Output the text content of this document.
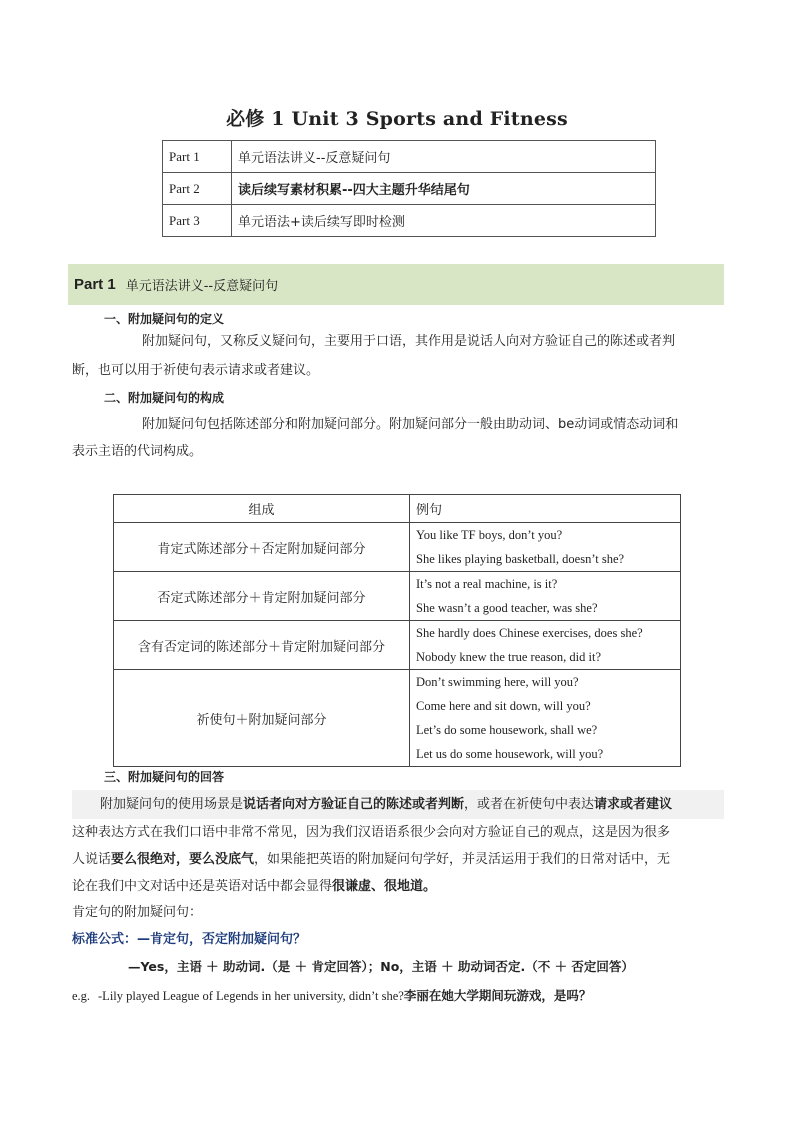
必修 1 Unit 3 Sports and Fitness
Part 1	单元语法讲义--反意疑问句
Part 2	读后续写素材积累--四大主题升华结尾句
Part 3	单元语法+读后续写即时检测
Part 1 单元语法讲义--反意疑问句
一、附加疑问句的定义
附加疑问句，又称反义疑问句，主要用于口语，其作用是说话人向对方验证自己的陈述或者判
断，也可以用于祈使句表示请求或者建议。
二、附加疑问句的构成
附加疑问句包括陈述部分和附加疑问部分。附加疑问部分一般由助动词、be动词或情态动词和
表示主语的代词构成。
组成	例句
肯定式陈述部分＋否定附加疑问部分	You like TF boys, don’t you?
She likes playing basketball, doesn’t she?

否定式陈述部分＋肯定附加疑问部分	It’s not a real machine, is it?
She wasn’t a good teacher, was she?

含有否定词的陈述部分＋肯定附加疑问部分	She hardly does Chinese exercises, does she?
Nobody knew the true reason, did it?

祈使句＋附加疑问部分	Don’t swimming here, will you?
Come here and sit down, will you?
Let’s do some housework, shall we?
Let us do some housework, will you?
三、附加疑问句的回答
附加疑问句的使用场景是说话者向对方验证自己的陈述或者判断，或者在祈使句中表达请求或者建议
这种表达方式在我们口语中非常不常见，因为我们汉语语系很少会向对方验证自己的观点，这是因为很多
人说话要么很绝对，要么没底气，如果能把英语的附加疑问句学好，并灵活运用于我们的日常对话中，无
论在我们中文对话中还是英语对话中都会显得很谦虚、很地道。
肯定句的附加疑问句：
标准公式：—肯定句，否定附加疑问句？
—Yes，主语 ＋ 助动词.（是 ＋ 肯定回答）；No，主语 ＋ 助动词否定.（不 ＋ 否定回答）
e.g. -Lily played League of Legends in her university, didn’t she?李丽在她大学期间玩游戏，是吗？
